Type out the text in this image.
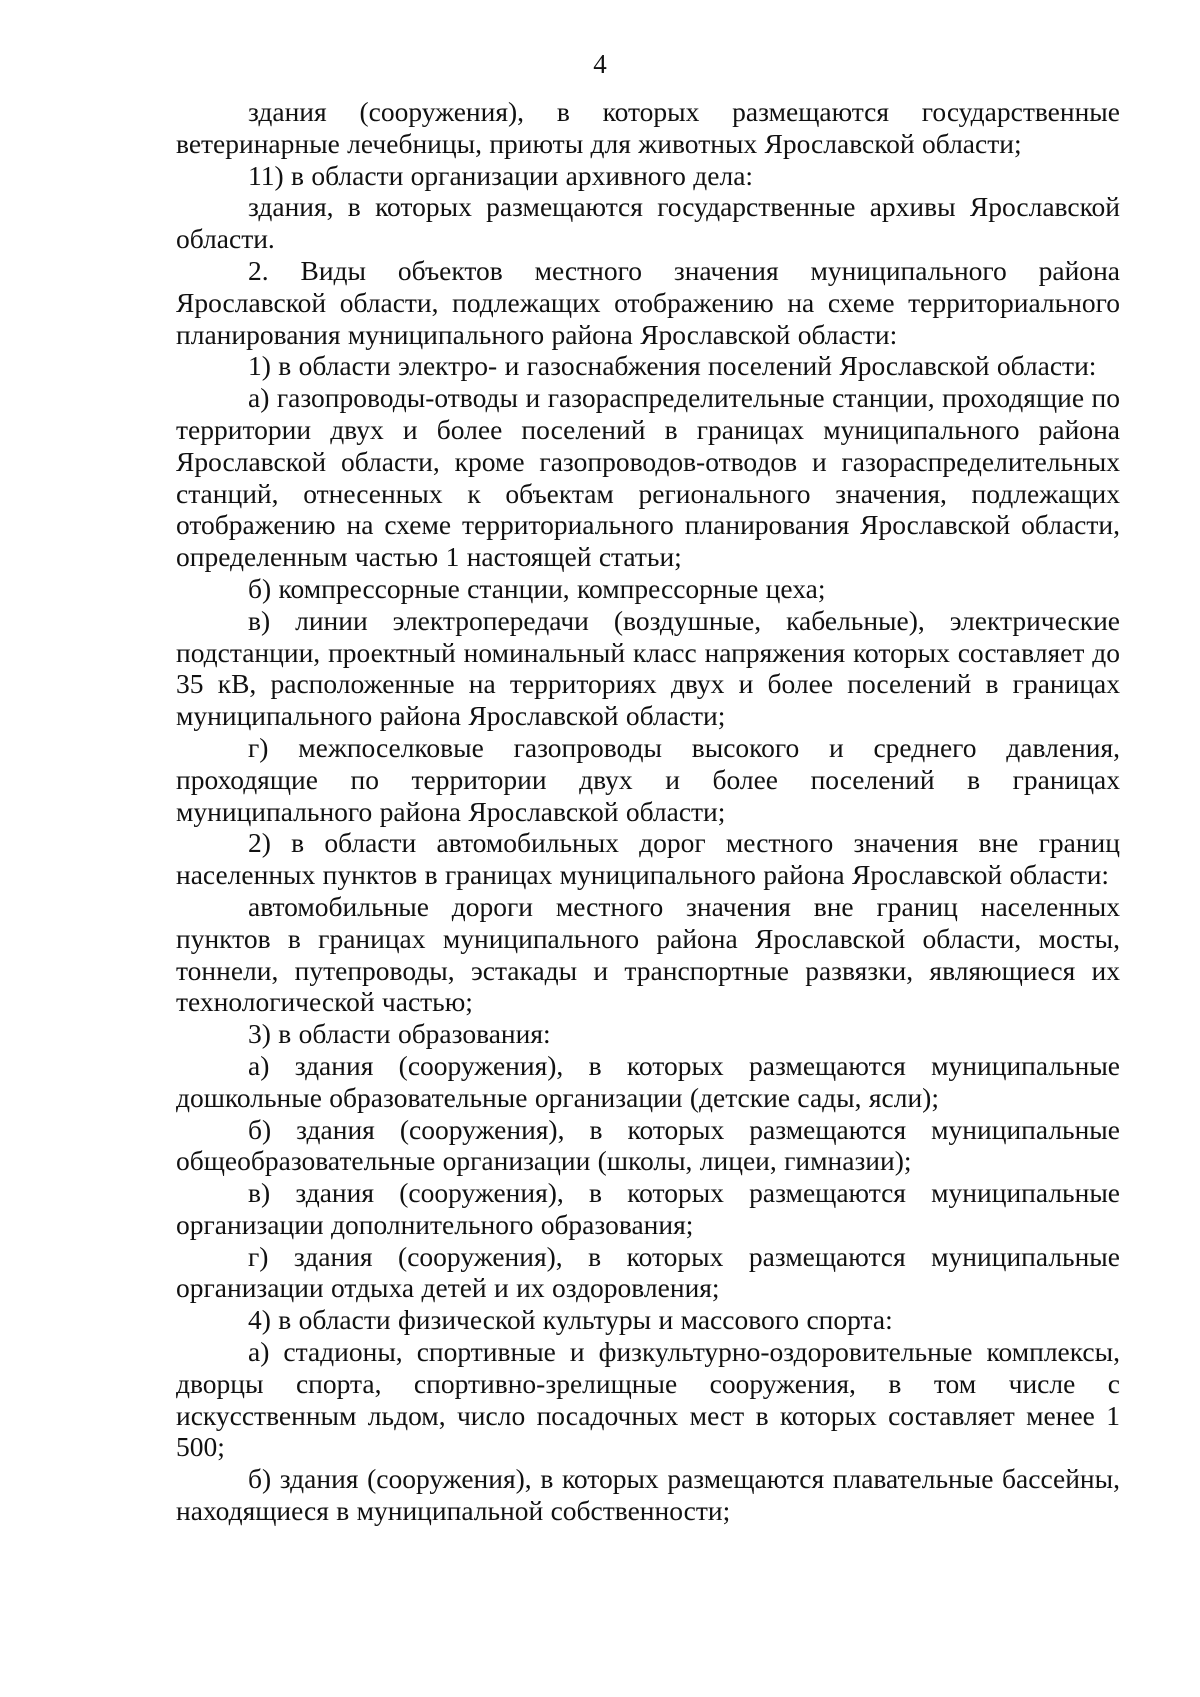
4

здания (сооружения), в которых размещаются государственные ветеринарные лечебницы, приюты для животных Ярославской области;

11) в области организации архивного дела:

здания, в которых размещаются государственные архивы Ярославской области.

2. Виды объектов местного значения муниципального района Ярославской области, подлежащих отображению на схеме территориального планирования муниципального района Ярославской области:

1) в области электро- и газоснабжения поселений Ярославской области:

а) газопроводы-отводы и газораспределительные станции, проходящие по территории двух и более поселений в границах муниципального района Ярославской области, кроме газопроводов-отводов и газораспределительных станций, отнесенных к объектам регионального значения, подлежащих отображению на схеме территориального планирования Ярославской области, определенным частью 1 настоящей статьи;

б) компрессорные станции, компрессорные цеха;

в) линии электропередачи (воздушные, кабельные), электрические подстанции, проектный номинальный класс напряжения которых составляет до 35 кВ, расположенные на территориях двух и более поселений в границах муниципального района Ярославской области;

г) межпоселковые газопроводы высокого и среднего давления, проходящие по территории двух и более поселений в границах муниципального района Ярославской области;

2) в области автомобильных дорог местного значения вне границ населенных пунктов в границах муниципального района Ярославской области:

автомобильные дороги местного значения вне границ населенных пунктов в границах муниципального района Ярославской области, мосты, тоннели, путепроводы, эстакады и транспортные развязки, являющиеся их технологической частью;

3) в области образования:

а) здания (сооружения), в которых размещаются муниципальные дошкольные образовательные организации (детские сады, ясли);

б) здания (сооружения), в которых размещаются муниципальные общеобразовательные организации (школы, лицеи, гимназии);

в) здания (сооружения), в которых размещаются муниципальные организации дополнительного образования;

г) здания (сооружения), в которых размещаются муниципальные организации отдыха детей и их оздоровления;

4) в области физической культуры и массового спорта:

а) стадионы, спортивные и физкультурно-оздоровительные комплексы, дворцы спорта, спортивно-зрелищные сооружения, в том числе с искусственным льдом, число посадочных мест в которых составляет менее 1 500;

б) здания (сооружения), в которых размещаются плавательные бассейны, находящиеся в муниципальной собственности;
